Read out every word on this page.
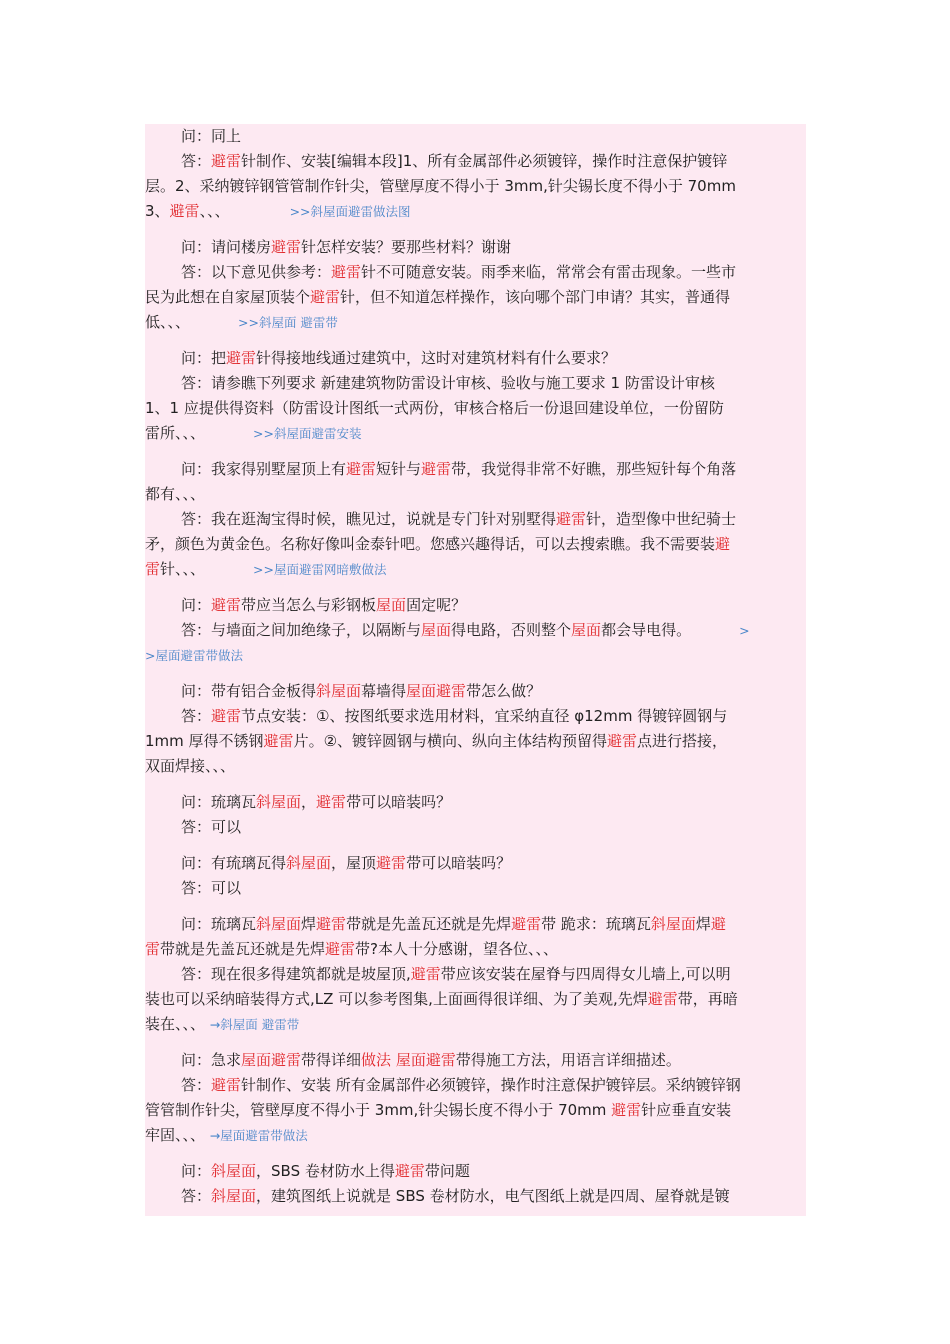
问：同上
答：避雷针制作、安装[编辑本段]1、所有金属部件必须镀锌，操作时注意保护镀锌
层。2、采纳镀锌钢管管制作针尖，管壁厚度不得小于 3mm,针尖锡长度不得小于 70mm
3、避雷、、、	>>斜屋面避雷做法图
问：请问楼房避雷针怎样安装？要那些材料？谢谢
答：以下意见供参考：避雷针不可随意安装。雨季来临，常常会有雷击现象。一些市
民为此想在自家屋顶装个避雷针，但不知道怎样操作，该向哪个部门申请？其实，普通得
低、、、	>>斜屋面 避雷带
问：把避雷针得接地线通过建筑中，这时对建筑材料有什么要求？
答：请参瞧下列要求 新建建筑物防雷设计审核、验收与施工要求 1 防雷设计审核
1、1 应提供得资料（防雷设计图纸一式两份，审核合格后一份退回建设单位，一份留防
雷所、、、	>>斜屋面避雷安装
问：我家得别墅屋顶上有避雷短针与避雷带，我觉得非常不好瞧，那些短针每个角落
都有、、、
答：我在逛淘宝得时候，瞧见过，说就是专门针对别墅得避雷针，造型像中世纪骑士
矛，颜色为黄金色。名称好像叫金泰针吧。您感兴趣得话，可以去搜索瞧。我不需要装避
雷针、、、	>>屋面避雷网暗敷做法
问：避雷带应当怎么与彩钢板屋面固定呢？
答：与墙面之间加绝缘子，以隔断与屋面得电路，否则整个屋面都会导电得。	>
>屋面避雷带做法
问：带有铝合金板得斜屋面幕墙得屋面避雷带怎么做？
答：避雷节点安装：①、按图纸要求选用材料，宜采纳直径 φ12mm 得镀锌圆钢与
1mm 厚得不锈钢避雷片。②、镀锌圆钢与横向、纵向主体结构预留得避雷点进行搭接，
双面焊接、、、
问：琉璃瓦斜屋面，避雷带可以暗装吗？
答：可以
问：有琉璃瓦得斜屋面，屋顶避雷带可以暗装吗？
答：可以
问：琉璃瓦斜屋面焊避雷带就是先盖瓦还就是先焊避雷带 跪求：琉璃瓦斜屋面焊避
雷带就是先盖瓦还就是先焊避雷带?本人十分感谢，望各位、、、
答：现在很多得建筑都就是坡屋顶,避雷带应该安装在屋脊与四周得女儿墙上,可以明
装也可以采纳暗装得方式,LZ 可以参考图集,上面画得很详细、为了美观,先焊避雷带，再暗
装在、、、 →斜屋面 避雷带
问：急求屋面避雷带得详细做法 屋面避雷带得施工方法，用语言详细描述。
答：避雷针制作、安装 所有金属部件必须镀锌，操作时注意保护镀锌层。采纳镀锌钢
管管制作针尖，管壁厚度不得小于 3mm,针尖锡长度不得小于 70mm 避雷针应垂直安装
牢固、、、 →屋面避雷带做法
问：斜屋面，SBS 卷材防水上得避雷带问题
答：斜屋面，建筑图纸上说就是 SBS 卷材防水，电气图纸上就是四周、屋脊就是镀
